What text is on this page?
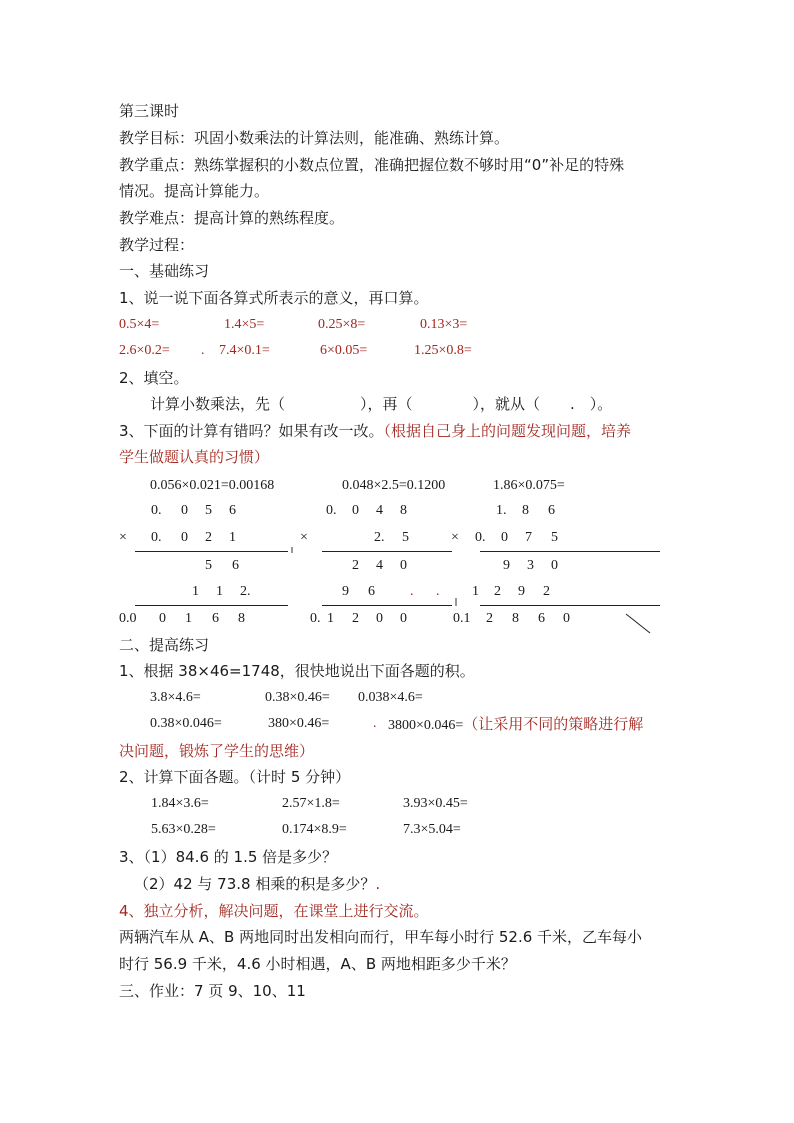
第三课时
教学目标：巩固小数乘法的计算法则，能准确、熟练计算。
教学重点：熟练掌握积的小数点位置，准确把握位数不够时用“0”补足的特殊
情况。提高计算能力。
教学难点：提高计算的熟练程度。
教学过程：
一、基础练习
1、说一说下面各算式所表示的意义，再口算。
0.5×4=	1.4×5=	0.25×8=	0.13×3=
2.6×0.2= . 7.4×0.1=	6×0.05=	1.25×0.8=
2、填空。
计算小数乘法，先（　　　　　），再（　　　　），就从（　　.　）。
3、下面的计算有错吗？如果有改一改。（根据自己身上的问题发现问题，培养
学生做题认真的习惯）
0.056×0.021=0.00168	0.048×2.5=0.1200	1.86×0.075=
0. 0 5 6
× 0. 0 2 1
5 6
1 1 2.
0.0 0 1 6 8
0. 0 4 8
×	2. 5
2 4 0
9 6	. .
0. 1 2 0 0
1. 8 6
× 0. 0 7 5
9 3 0
1 2 9 2
0.1 2 8 6 0
二、提高练习
1、根据 38×46=1748，很快地说出下面各题的积。
3.8×4.6=	0.38×0.46= 0.038×4.6=
0.38×0.046=	380×0.46=	. 3800×0.046=（让采用不同的策略进行解
决问题，锻炼了学生的思维）
2、计算下面各题。（计时 5 分钟）
1.84×3.6=	2.57×1.8=	3.93×0.45=
5.63×0.28=	0.174×8.9=	7.3×5.04=
3、（1）84.6 的 1.5 倍是多少？
（2）42 与 73.8 相乘的积是多少？.
4、独立分析，解决问题，在课堂上进行交流。
两辆汽车从 A、B 两地同时出发相向而行，甲车每小时行 52.6 千米，乙车每小
时行 56.9 千米，4.6 小时相遇，A、B 两地相距多少千米？
三、作业：7 页 9、10、11
